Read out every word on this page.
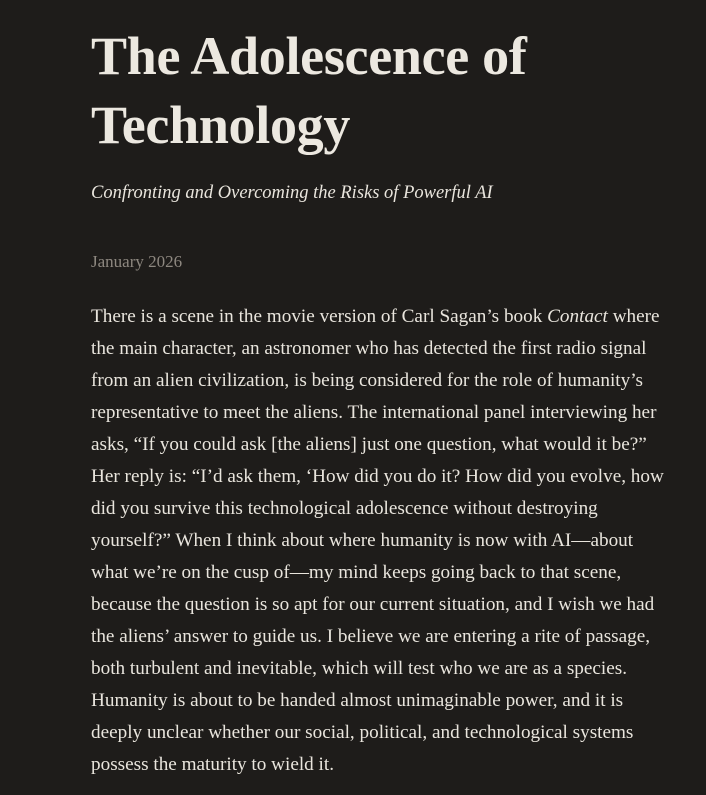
The Adolescence of Technology

Confronting and Overcoming the Risks of Powerful AI

January 2026

There is a scene in the movie version of Carl Sagan’s book Contact where the main character, an astronomer who has detected the first radio signal from an alien civilization, is being considered for the role of humanity’s representative to meet the aliens. The international panel interviewing her asks, “If you could ask [the aliens] just one question, what would it be?” Her reply is: “I’d ask them, ‘How did you do it? How did you evolve, how did you survive this technological adolescence without destroying yourself?” When I think about where humanity is now with AI—about what we’re on the cusp of—my mind keeps going back to that scene, because the question is so apt for our current situation, and I wish we had the aliens’ answer to guide us. I believe we are entering a rite of passage, both turbulent and inevitable, which will test who we are as a species. Humanity is about to be handed almost unimaginable power, and it is deeply unclear whether our social, political, and technological systems possess the maturity to wield it.
